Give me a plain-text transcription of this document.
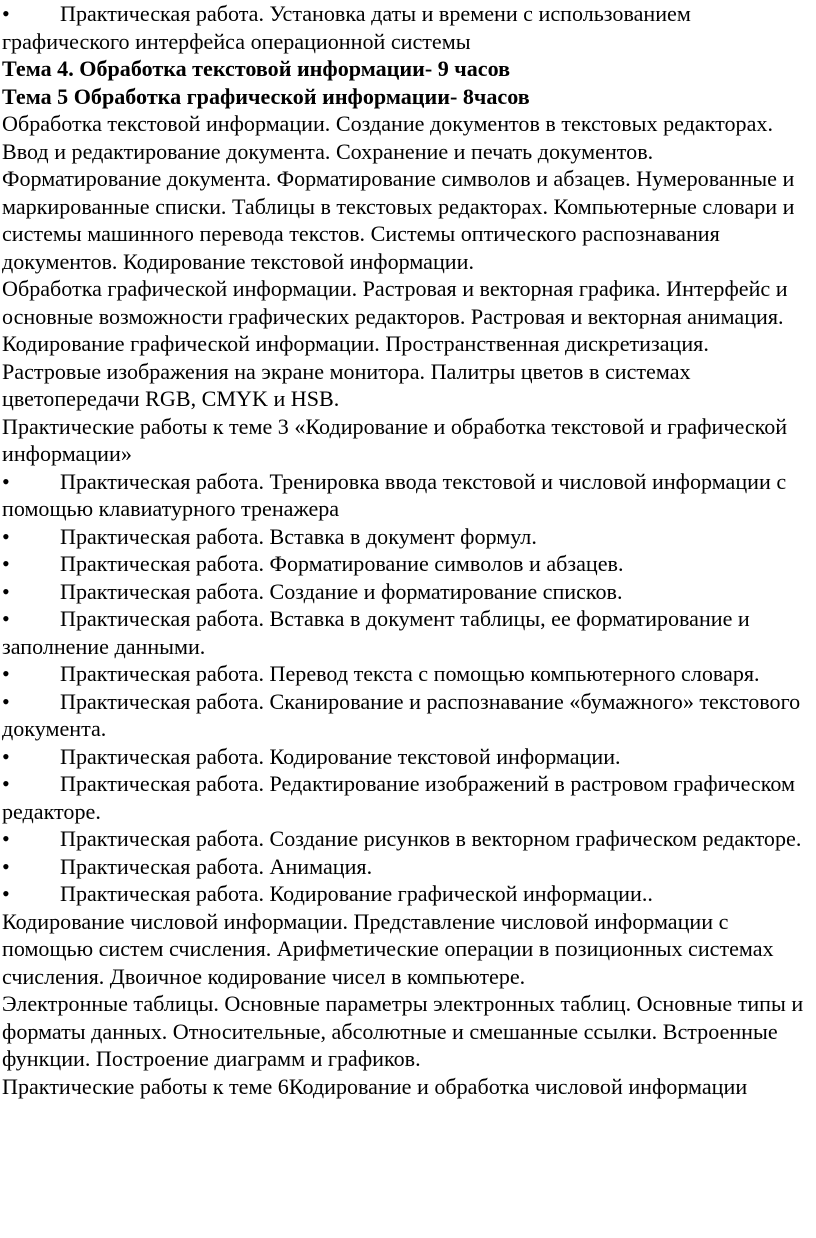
• Практическая работа. Установка даты и времени с использованием графического интерфейса операционной системы

Тема 4. Обработка текстовой информации- 9 часов

Тема 5 Обработка графической информации- 8часов

Обработка текстовой информации. Создание документов в текстовых редакторах. Ввод и редактирование документа. Сохранение и печать документов. Форматирование документа. Форматирование символов и абзацев. Нумерованные и маркированные списки. Таблицы в текстовых редакторах. Компьютерные словари и системы машинного перевода текстов. Системы оптического распознавания документов. Кодирование текстовой информации.

Обработка графической информации. Растровая и векторная графика. Интерфейс и основные возможности графических редакторов. Растровая и векторная анимация. Кодирование графической информации. Пространственная дискретизация. Растровые изображения на экране монитора. Палитры цветов в системах цветопередачи RGB, CMYK и HSB.

Практические работы к теме 3 «Кодирование и обработка текстовой и графической информации»

• Практическая работа. Тренировка ввода текстовой и числовой информации с помощью клавиатурного тренажера

• Практическая работа. Вставка в документ формул.

• Практическая работа. Форматирование символов и абзацев.

• Практическая работа. Создание и форматирование списков.

• Практическая работа. Вставка в документ таблицы, ее форматирование и заполнение данными.

• Практическая работа. Перевод текста с помощью компьютерного словаря.

• Практическая работа. Сканирование и распознавание «бумажного» текстового документа.

• Практическая работа. Кодирование текстовой информации.

• Практическая работа. Редактирование изображений в растровом графическом редакторе.

• Практическая работа. Создание рисунков в векторном графическом редакторе.

• Практическая работа. Анимация.

• Практическая работа. Кодирование графической информации..

Кодирование числовой информации. Представление числовой информации с помощью систем счисления. Арифметические операции в позиционных системах счисления. Двоичное кодирование чисел в компьютере.

Электронные таблицы. Основные параметры электронных таблиц. Основные типы и форматы данных. Относительные, абсолютные и смешанные ссылки. Встроенные функции. Построение диаграмм и графиков.

Практические работы к теме 6Кодирование и обработка числовой информации
